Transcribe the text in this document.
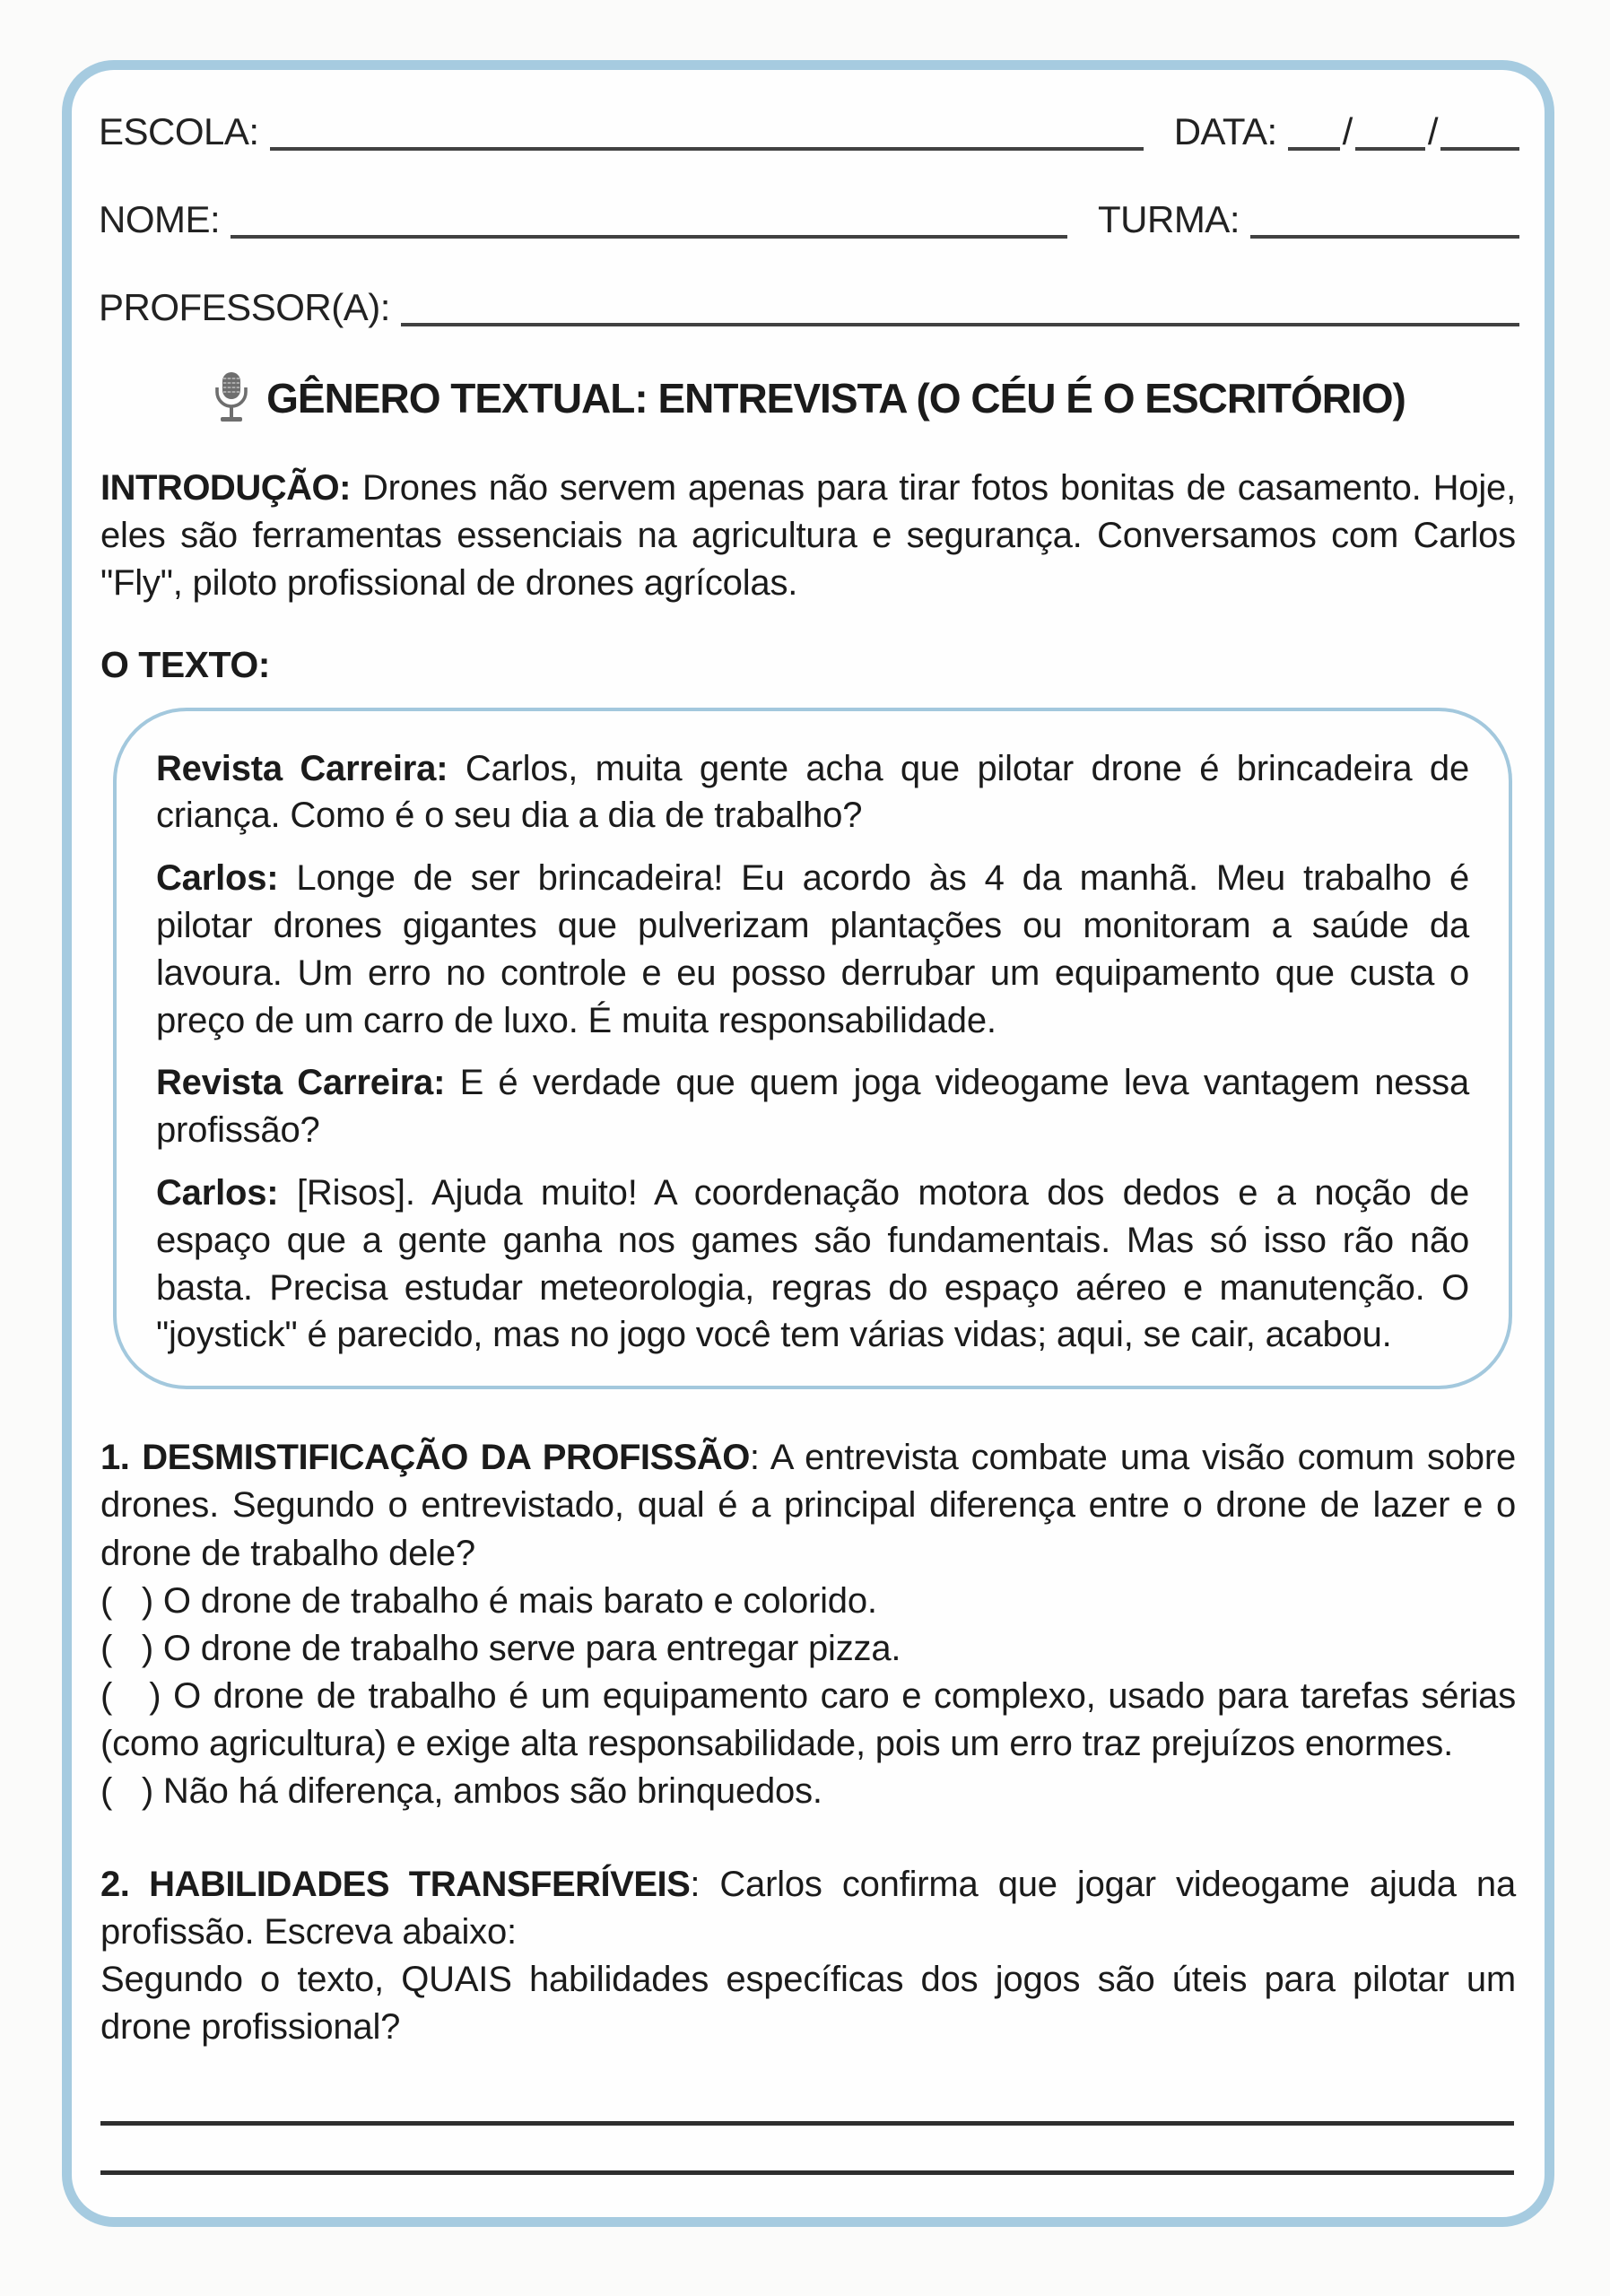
ESCOLA:	DATA: / /
NOME:	TURMA:
PROFESSOR(A):
GÊNERO TEXTUAL: ENTREVISTA (O CÉU É O ESCRITÓRIO)

INTRODUÇÃO: Drones não servem apenas para tirar fotos bonitas de casamento. Hoje, eles são ferramentas essenciais na agricultura e segurança. Conversamos com Carlos "Fly", piloto profissional de drones agrícolas.

O TEXTO:

Revista Carreira: Carlos, muita gente acha que pilotar drone é brincadeira de criança. Como é o seu dia a dia de trabalho?

Carlos: Longe de ser brincadeira! Eu acordo às 4 da manhã. Meu trabalho é pilotar drones gigantes que pulverizam plantações ou monitoram a saúde da lavoura. Um erro no controle e eu posso derrubar um equipamento que custa o preço de um carro de luxo. É muita responsabilidade.

Revista Carreira: E é verdade que quem joga videogame leva vantagem nessa profissão?

Carlos: [Risos]. Ajuda muito! A coordenação motora dos dedos e a noção de espaço que a gente ganha nos games são fundamentais. Mas só isso rão não basta. Precisa estudar meteorologia, regras do espaço aéreo e manutenção. O "joystick" é parecido, mas no jogo você tem várias vidas; aqui, se cair, acabou.

1. DESMISTIFICAÇÃO DA PROFISSÃO: A entrevista combate uma visão comum sobre drones. Segundo o entrevistado, qual é a principal diferença entre o drone de lazer e o drone de trabalho dele?

(   ) O drone de trabalho é mais barato e colorido.

(   ) O drone de trabalho serve para entregar pizza.

(   ) O drone de trabalho é um equipamento caro e complexo, usado para tarefas sérias (como agricultura) e exige alta responsabilidade, pois um erro traz prejuízos enormes.

(   ) Não há diferença, ambos são brinquedos.

2. HABILIDADES TRANSFERÍVEIS: Carlos confirma que jogar videogame ajuda na profissão. Escreva abaixo:

Segundo o texto, QUAIS habilidades específicas dos jogos são úteis para pilotar um drone profissional?
